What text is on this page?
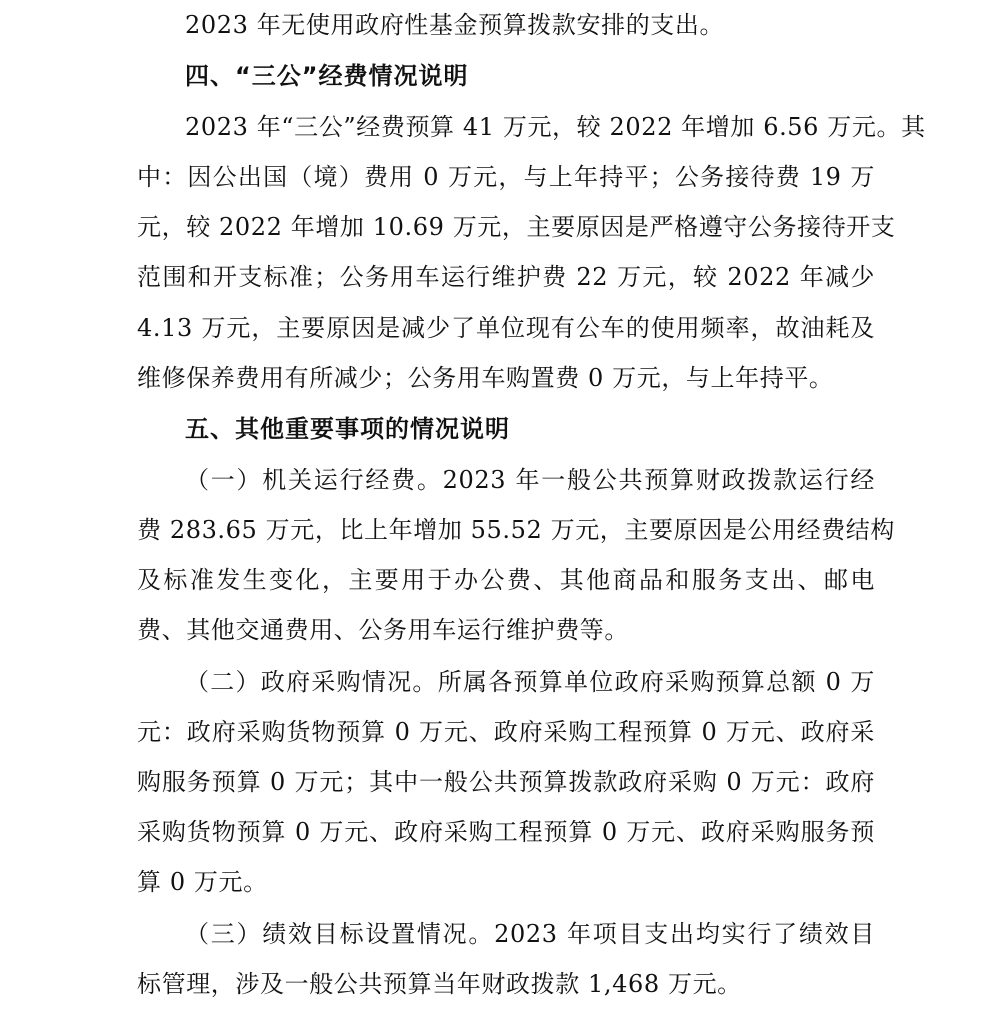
2023 年无使用政府性基金预算拨款安排的支出。
四、“三公”经费情况说明
2023 年“三公”经费预算 41 万元，较 2022 年增加 6.56 万元。其
中：因公出国（境）费用 0 万元，与上年持平；公务接待费 19 万
元，较 2022 年增加 10.69 万元，主要原因是严格遵守公务接待开支
范围和开支标准；公务用车运行维护费 22 万元，较 2022 年减少
4.13 万元，主要原因是减少了单位现有公车的使用频率，故油耗及
维修保养费用有所减少；公务用车购置费 0 万元，与上年持平。
五、其他重要事项的情况说明
（一）机关运行经费。2023 年一般公共预算财政拨款运行经
费 283.65 万元，比上年增加 55.52 万元，主要原因是公用经费结构
及标准发生变化，主要用于办公费、其他商品和服务支出、邮电
费、其他交通费用、公务用车运行维护费等。
（二）政府采购情况。所属各预算单位政府采购预算总额 0 万
元：政府采购货物预算 0 万元、政府采购工程预算 0 万元、政府采
购服务预算 0 万元；其中一般公共预算拨款政府采购 0 万元：政府
采购货物预算 0 万元、政府采购工程预算 0 万元、政府采购服务预
算 0 万元。
（三）绩效目标设置情况。2023 年项目支出均实行了绩效目
标管理，涉及一般公共预算当年财政拨款 1,468 万元。
